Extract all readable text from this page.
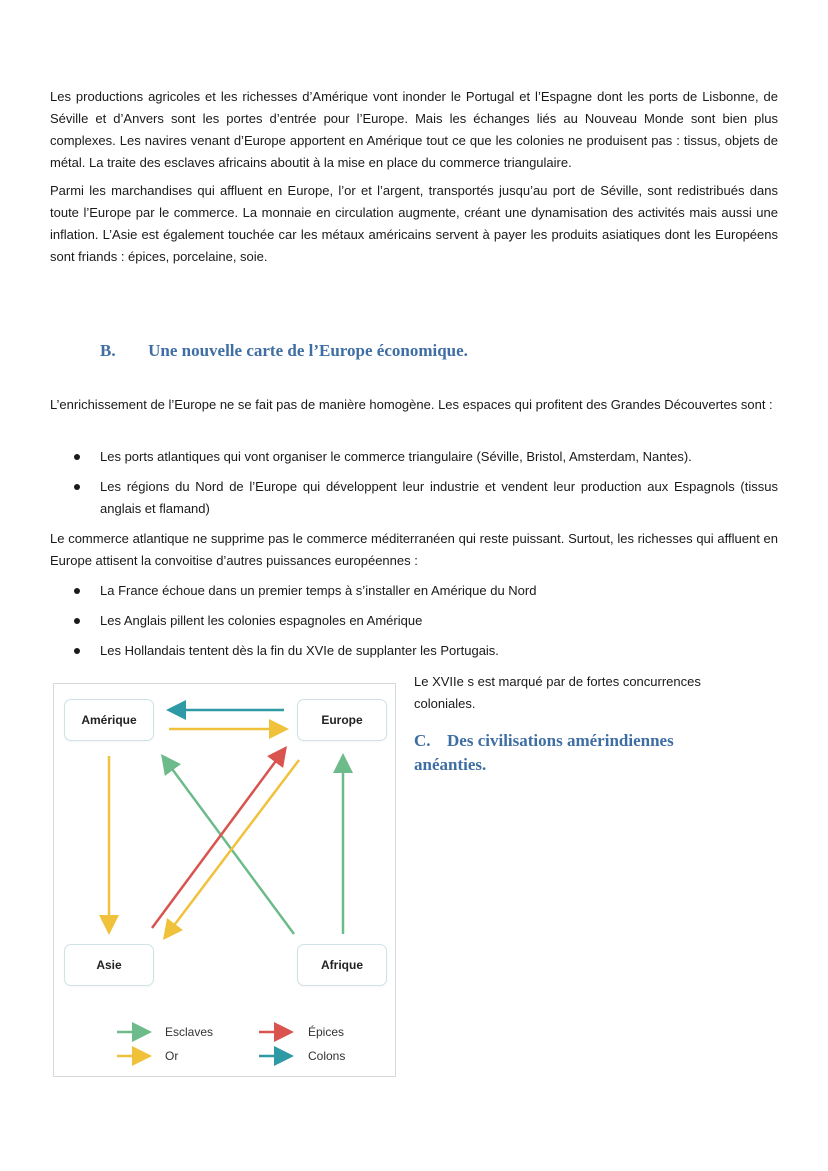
Les productions agricoles et les richesses d’Amérique vont inonder le Portugal et l’Espagne dont les ports de Lisbonne, de Séville et d’Anvers sont les portes d’entrée pour l’Europe. Mais les échanges liés au Nouveau Monde sont bien plus complexes. Les navires venant d’Europe apportent en Amérique tout ce que les colonies ne produisent pas : tissus, objets de métal. La traite des esclaves africains aboutit à la mise en place du commerce triangulaire.

Parmi les marchandises qui affluent en Europe, l’or et l’argent, transportés jusqu’au port de Séville, sont redistribués dans toute l’Europe par le commerce. La monnaie en circulation augmente, créant une dynamisation des activités mais aussi une inflation. L’Asie est également touchée car les métaux américains servent à payer les produits asiatiques dont les Européens sont friands : épices, porcelaine, soie.

B. Une nouvelle carte de l’Europe économique.

L’enrichissement de l’Europe ne se fait pas de manière homogène. Les espaces qui profitent des Grandes Découvertes sont :

Les ports atlantiques qui vont organiser le commerce triangulaire (Séville, Bristol, Amsterdam, Nantes).
Les régions du Nord de l’Europe qui développent leur industrie et vendent leur production aux Espagnols (tissus anglais et flamand)

Le commerce atlantique ne supprime pas le commerce méditerranéen qui reste puissant. Surtout, les richesses qui affluent en Europe attisent la convoitise d’autres puissances européennes :

La France échoue dans un premier temps à s’installer en Amérique du Nord
Les Anglais pillent les colonies espagnoles en Amérique
Les Hollandais tentent dès la fin du XVIe de supplanter les Portugais.
Amérique	Europe
Asie	Afrique
Esclaves
Or
Épices
Colons

Le XVIIe s est marqué par de fortes concurrences coloniales.

C. Des civilisations amérindiennes
anéanties.
